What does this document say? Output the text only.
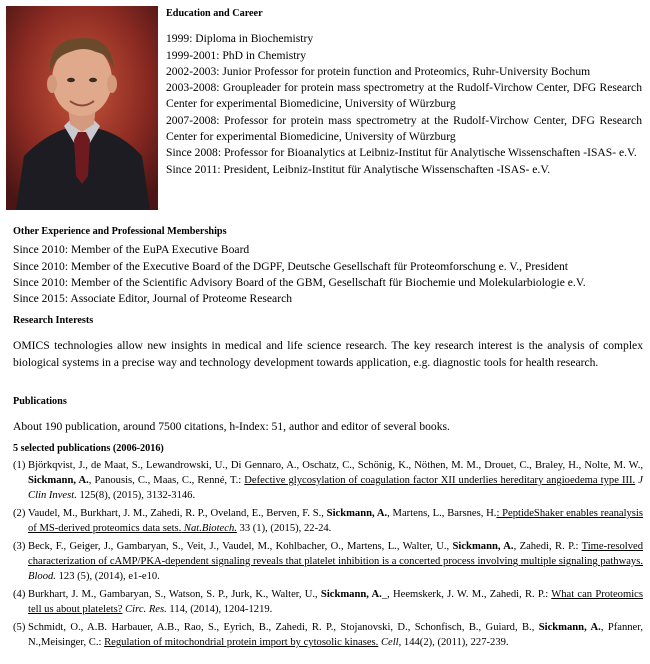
Education and Career
1999: Diploma in Biochemistry
1999-2001: PhD in Chemistry
2002-2003: Junior Professor for protein function and Proteomics, Ruhr-University Bochum
2003-2008: Groupleader for protein mass spectrometry at the Rudolf-Virchow Center, DFG Research Center for experimental Biomedicine, University of Würzburg
2007-2008: Professor for protein mass spectrometry at the Rudolf-Virchow Center, DFG Research Center for experimental Biomedicine, University of Würzburg
Since 2008: Professor for Bioanalytics at Leibniz-Institut für Analytische Wissenschaften -ISAS- e.V.
Since 2011: President, Leibniz-Institut für Analytische Wissenschaften -ISAS- e.V.
Other Experience and Professional Memberships
Since 2010: Member of the EuPA Executive Board
Since 2010: Member of the Executive Board of the DGPF, Deutsche Gesellschaft für Proteomforschung e. V., President
Since 2010: Member of the Scientific Advisory Board of the GBM, Gesellschaft für Biochemie und Molekularbiologie e.V.
Since 2015: Associate Editor, Journal of Proteome Research
Research Interests
OMICS technologies allow new insights in medical and life science research. The key research interest is the analysis of complex biological systems in a precise way and technology development towards application, e.g. diagnostic tools for health research.
Publications
About 190 publication, around 7500 citations, h-Index: 51, author and editor of several books.
5 selected publications (2006-2016)
(1) Björkqvist, J., de Maat, S., Lewandrowski, U., Di Gennaro, A., Oschatz, C., Schönig, K., Nöthen, M. M., Drouet, C., Braley, H., Nolte, M. W., Sickmann, A., Panousis, C., Maas, C., Renné, T.: Defective glycosylation of coagulation factor XII underlies hereditary angioedema type III. J Clin Invest. 125(8), (2015), 3132-3146.
(2) Vaudel, M., Burkhart, J. M., Zahedi, R. P., Oveland, E., Berven, F. S., Sickmann, A., Martens, L., Barsnes, H.: PeptideShaker enables reanalysis of MS-derived proteomics data sets. Nat.Biotech. 33 (1), (2015), 22-24.
(3) Beck, F., Geiger, J., Gambaryan, S., Veit, J., Vaudel, M., Kohlbacher, O., Martens, L., Walter, U., Sickmann, A., Zahedi, R. P.: Time-resolved characterization of cAMP/PKA-dependent signaling reveals that platelet inhibition is a concerted process involving multiple signaling pathways. Blood. 123 (5), (2014), e1-e10.
(4) Burkhart, J. M., Gambaryan, S., Watson, S. P., Jurk, K., Walter, U., Sickmann, A._, Heemskerk, J. W. M., Zahedi, R. P.: What can Proteomics tell us about platelets? Circ. Res. 114, (2014), 1204-1219.
(5) Schmidt, O., A.B. Harbauer, A.B., Rao, S., Eyrich, B., Zahedi, R. P., Stojanovski, D., Schonfisch, B., Guiard, B., Sickmann, A., Pfanner, N.,Meisinger, C.: Regulation of mitochondrial protein import by cytosolic kinases. Cell, 144(2), (2011), 227-239.
